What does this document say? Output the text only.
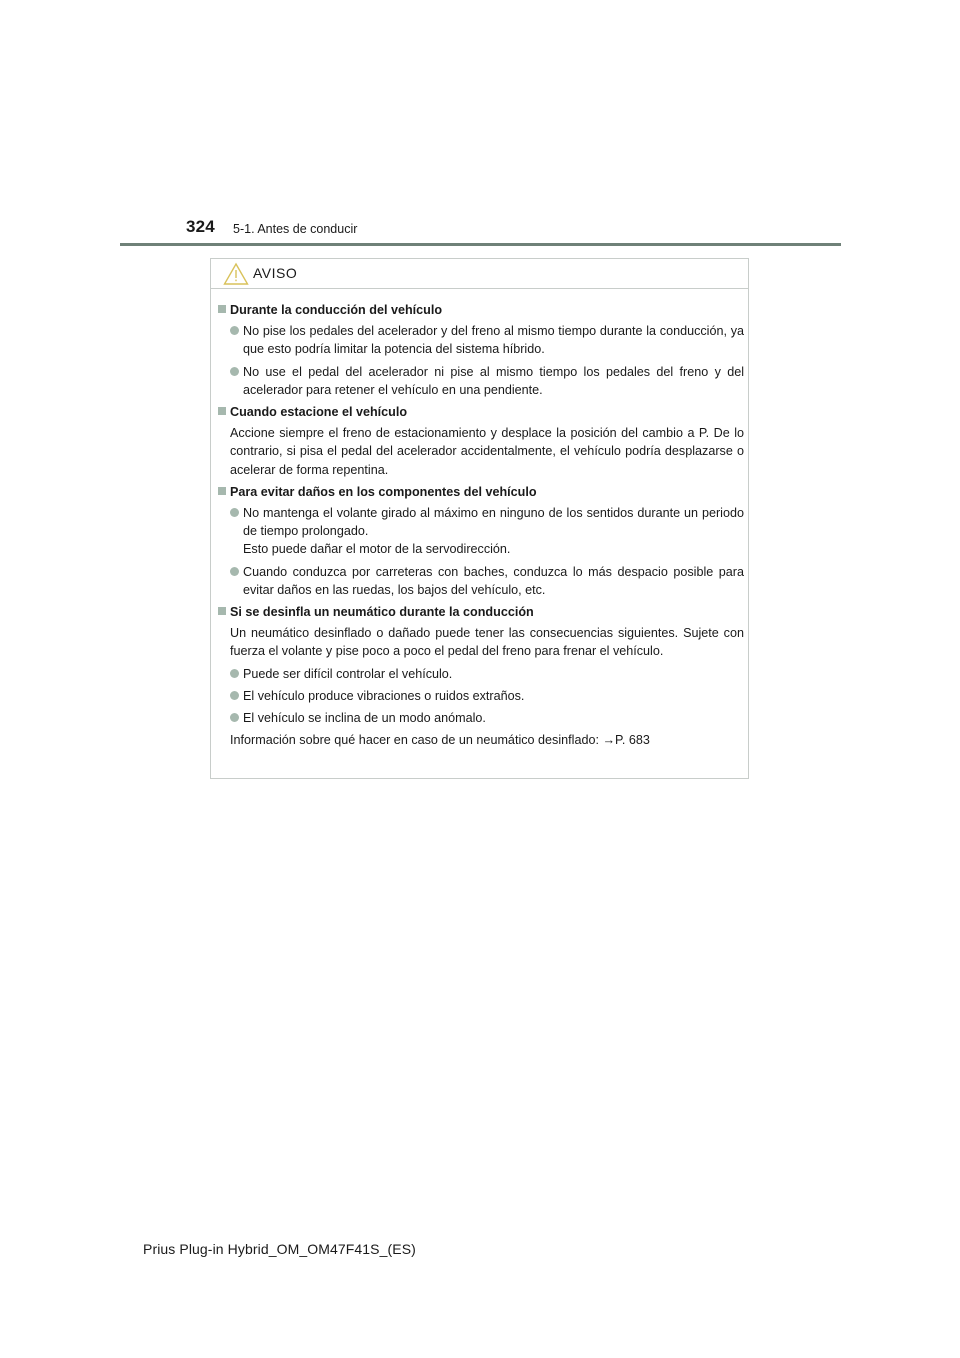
324 5-1. Antes de conducir
AVISO
Durante la conducción del vehículo
No pise los pedales del acelerador y del freno al mismo tiempo durante la conducción, ya que esto podría limitar la potencia del sistema híbrido.
No use el pedal del acelerador ni pise al mismo tiempo los pedales del freno y del acelerador para retener el vehículo en una pendiente.
Cuando estacione el vehículo
Accione siempre el freno de estacionamiento y desplace la posición del cambio a P. De lo contrario, si pisa el pedal del acelerador accidentalmente, el vehículo podría desplazarse o acelerar de forma repentina.
Para evitar daños en los componentes del vehículo
No mantenga el volante girado al máximo en ninguno de los sentidos durante un periodo de tiempo prolongado.
Esto puede dañar el motor de la servodirección.
Cuando conduzca por carreteras con baches, conduzca lo más despacio posible para evitar daños en las ruedas, los bajos del vehículo, etc.
Si se desinfla un neumático durante la conducción
Un neumático desinflado o dañado puede tener las consecuencias siguientes. Sujete con fuerza el volante y pise poco a poco el pedal del freno para frenar el vehículo.
Puede ser difícil controlar el vehículo.
El vehículo produce vibraciones o ruidos extraños.
El vehículo se inclina de un modo anómalo.
Información sobre qué hacer en caso de un neumático desinflado: →P. 683
Prius Plug-in Hybrid_OM_OM47F41S_(ES)
